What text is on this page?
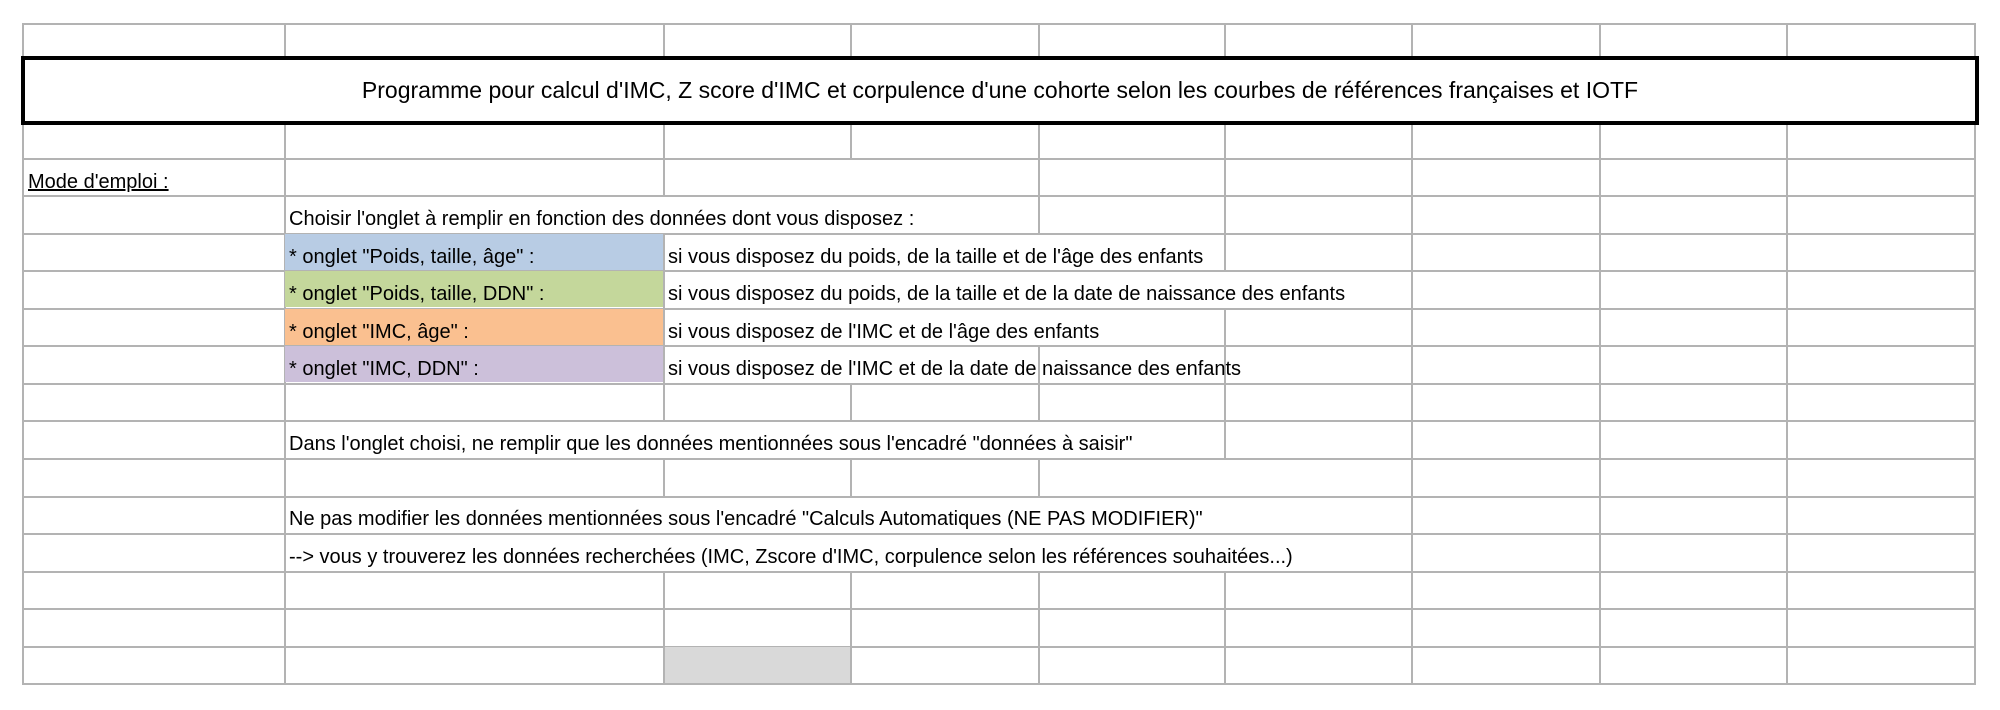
Programme pour calcul d'IMC, Z score d'IMC et corpulence d'une cohorte selon les courbes de références françaises et IOTF
Mode d'emploi :
Choisir l'onglet à remplir en fonction des données dont vous disposez :
* onglet "Poids, taille, âge" :	si vous disposez du poids, de la taille et de l'âge des enfants
* onglet "Poids, taille, DDN" :	si vous disposez du poids, de la taille et de la date de naissance des enfants
* onglet "IMC, âge" :	si vous disposez de l'IMC et de l'âge des enfants
* onglet "IMC, DDN" :	si vous disposez de l'IMC et de la date de naissance des enfants
Dans l'onglet choisi, ne remplir que les données mentionnées sous l'encadré "données à saisir"
Ne pas modifier les données mentionnées sous l'encadré "Calculs Automatiques (NE PAS MODIFIER)"
--> vous y trouverez les données recherchées (IMC, Zscore d'IMC, corpulence selon les références souhaitées...)
